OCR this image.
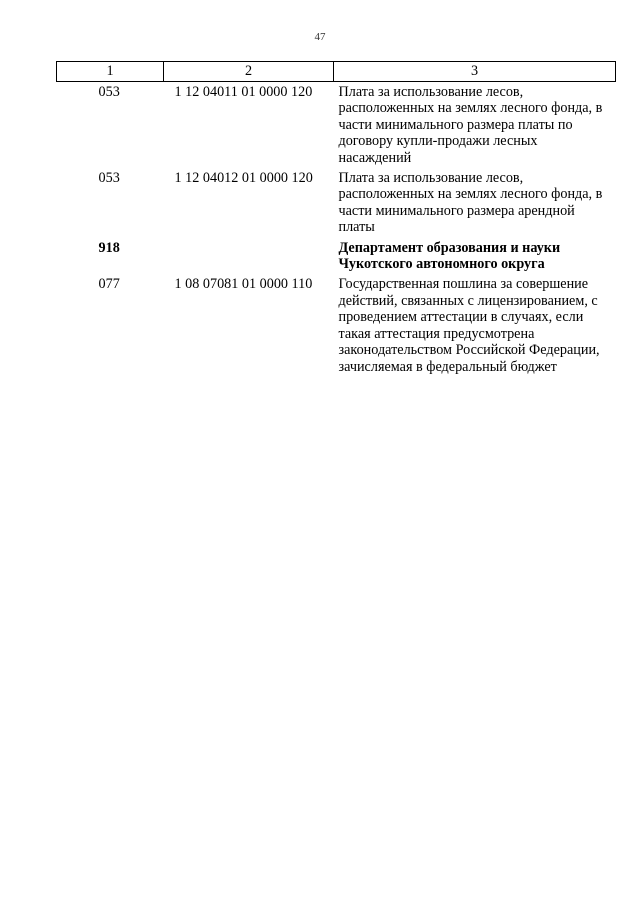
47
1	2	3
053	1 12 04011 01 0000 120	Плата за использование лесов, расположенных на землях лесного фонда, в части минимального размера платы по договору купли-продажи лесных насаждений
053	1 12 04012 01 0000 120	Плата за использование лесов, расположенных на землях лесного фонда, в части минимального размера арендной платы
918		Департамент образования и науки Чукотского автономного округа
077	1 08 07081 01 0000 110	Государственная пошлина за совершение действий, связанных с лицензированием, с проведением аттестации в случаях, если такая аттестация предусмотрена законодательством Российской Федерации, зачисляемая в федеральный бюджет
